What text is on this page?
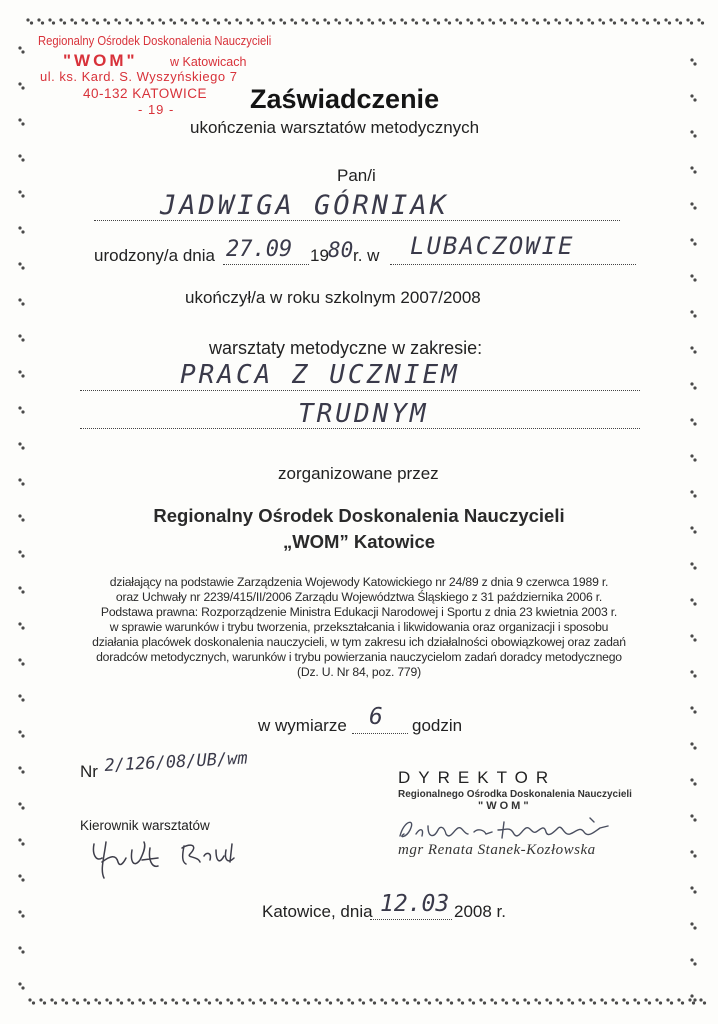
Regionalny Ośrodek Doskonalenia Nauczycieli
"WOM"	w Katowicach
ul. ks. Kard. S. Wyszyńskiego 7
40-132 KATOWICE
- 19 -	Zaświadczenie
ukończenia warsztatów metodycznych
Pan/i
JADWIGA GÓRNIAK
urodzony/a dnia 27.09 19 80 r. w LUBACZOWIE
ukończył/a w roku szkolnym 2007/2008
warsztaty metodyczne w zakresie:
PRACA Z UCZNIEM
TRUDNYM
zorganizowane przez
Regionalny Ośrodek Doskonalenia Nauczycieli
„WOM” Katowice
działający na podstawie Zarządzenia Wojewody Katowickiego nr 24/89 z dnia 9 czerwca 1989 r.
oraz Uchwały nr 2239/415/II/2006 Zarządu Województwa Śląskiego z 31 października 2006 r.
Podstawa prawna: Rozporządzenie Ministra Edukacji Narodowej i Sportu z dnia 23 kwietnia 2003 r.
w sprawie warunków i trybu tworzenia, przekształcania i likwidowania oraz organizacji i sposobu
działania placówek doskonalenia nauczycieli, w tym zakresu ich działalności obowiązkowej oraz zadań
doradców metodycznych, warunków i trybu powierzania nauczycielom zadań doradcy metodycznego
(Dz. U. Nr 84, poz. 779)
w wymiarze 6 godzin
Nr 2/126/08/UB/wm
DYREKTOR
Regionalnego Ośrodka Doskonalenia Nauczycieli
"WOM"
mgr Renata Stanek-Kozłowska
Kierownik warsztatów
Katowice, dnia 12.03 2008 r.
